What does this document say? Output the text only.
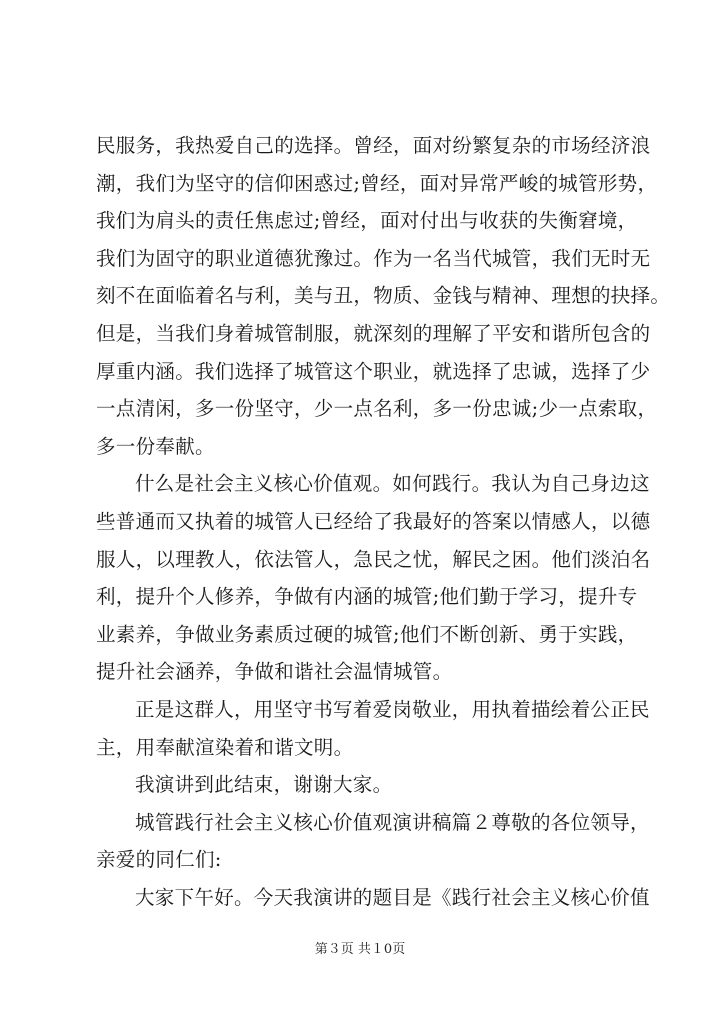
民服务，我热爱自己的选择。曾经，面对纷繁复杂的市场经济浪
潮，我们为坚守的信仰困惑过;曾经，面对异常严峻的城管形势，
我们为肩头的责任焦虑过;曾经，面对付出与收获的失衡窘境，
我们为固守的职业道德犹豫过。作为一名当代城管，我们无时无
刻不在面临着名与利，美与丑，物质、金钱与精神、理想的抉择。
但是，当我们身着城管制服，就深刻的理解了平安和谐所包含的
厚重内涵。我们选择了城管这个职业，就选择了忠诚，选择了少
一点清闲，多一份坚守，少一点名利，多一份忠诚;少一点索取，
多一份奉献。
什么是社会主义核心价值观。如何践行。我认为自己身边这
些普通而又执着的城管人已经给了我最好的答案以情感人，以德
服人，以理教人，依法管人，急民之忧，解民之困。他们淡泊名
利，提升个人修养，争做有内涵的城管;他们勤于学习，提升专
业素养，争做业务素质过硬的城管;他们不断创新、勇于实践，
提升社会涵养，争做和谐社会温情城管。
正是这群人，用坚守书写着爱岗敬业，用执着描绘着公正民
主，用奉献渲染着和谐文明。
我演讲到此结束，谢谢大家。
城管践行社会主义核心价值观演讲稿篇２尊敬的各位领导，
亲爱的同仁们:
大家下午好。今天我演讲的题目是《践行社会主义核心价值
第３页 共１0页
